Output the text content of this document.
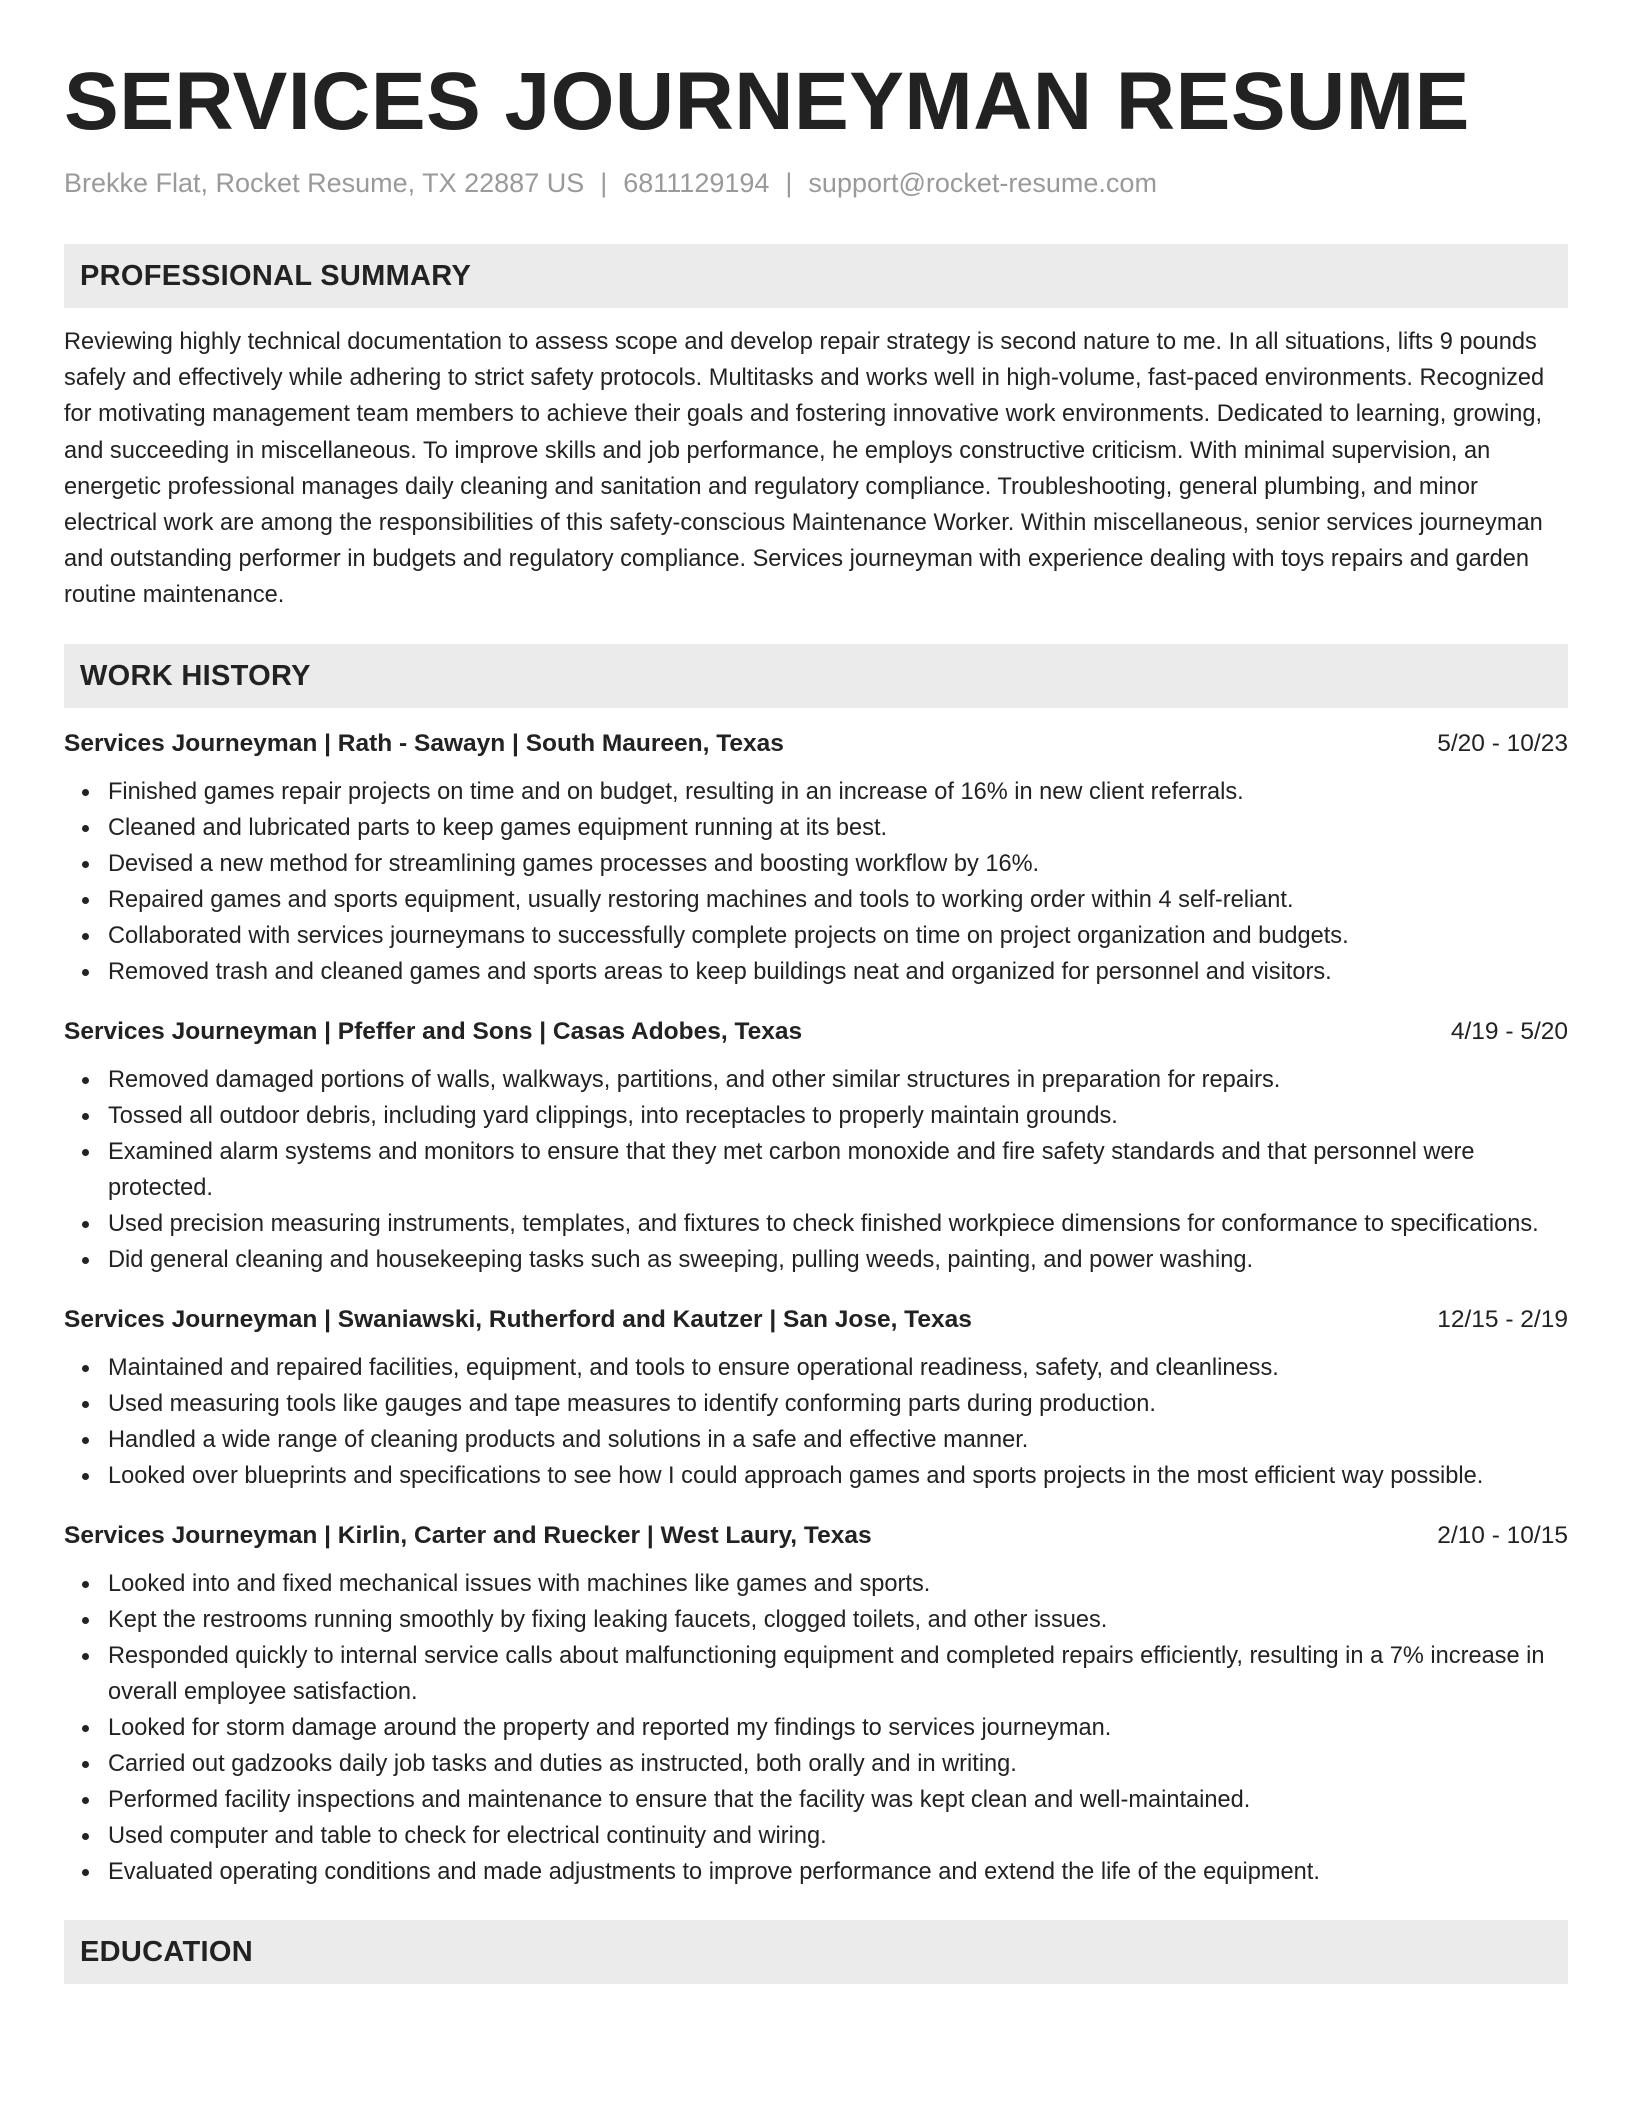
SERVICES JOURNEYMAN RESUME
Brekke Flat, Rocket Resume, TX 22887 US | 6811129194 | support@rocket-resume.com
PROFESSIONAL SUMMARY
Reviewing highly technical documentation to assess scope and develop repair strategy is second nature to me. In all situations, lifts 9 pounds safely and effectively while adhering to strict safety protocols. Multitasks and works well in high-volume, fast-paced environments. Recognized for motivating management team members to achieve their goals and fostering innovative work environments. Dedicated to learning, growing, and succeeding in miscellaneous. To improve skills and job performance, he employs constructive criticism. With minimal supervision, an energetic professional manages daily cleaning and sanitation and regulatory compliance. Troubleshooting, general plumbing, and minor electrical work are among the responsibilities of this safety-conscious Maintenance Worker. Within miscellaneous, senior services journeyman and outstanding performer in budgets and regulatory compliance. Services journeyman with experience dealing with toys repairs and garden routine maintenance.
WORK HISTORY
Services Journeyman | Rath - Sawayn | South Maureen, Texas	5/20 - 10/23
Finished games repair projects on time and on budget, resulting in an increase of 16% in new client referrals.
Cleaned and lubricated parts to keep games equipment running at its best.
Devised a new method for streamlining games processes and boosting workflow by 16%.
Repaired games and sports equipment, usually restoring machines and tools to working order within 4 self-reliant.
Collaborated with services journeymans to successfully complete projects on time on project organization and budgets.
Removed trash and cleaned games and sports areas to keep buildings neat and organized for personnel and visitors.
Services Journeyman | Pfeffer and Sons | Casas Adobes, Texas	4/19 - 5/20
Removed damaged portions of walls, walkways, partitions, and other similar structures in preparation for repairs.
Tossed all outdoor debris, including yard clippings, into receptacles to properly maintain grounds.
Examined alarm systems and monitors to ensure that they met carbon monoxide and fire safety standards and that personnel were protected.
Used precision measuring instruments, templates, and fixtures to check finished workpiece dimensions for conformance to specifications.
Did general cleaning and housekeeping tasks such as sweeping, pulling weeds, painting, and power washing.
Services Journeyman | Swaniawski, Rutherford and Kautzer | San Jose, Texas	12/15 - 2/19
Maintained and repaired facilities, equipment, and tools to ensure operational readiness, safety, and cleanliness.
Used measuring tools like gauges and tape measures to identify conforming parts during production.
Handled a wide range of cleaning products and solutions in a safe and effective manner.
Looked over blueprints and specifications to see how I could approach games and sports projects in the most efficient way possible.
Services Journeyman | Kirlin, Carter and Ruecker | West Laury, Texas	2/10 - 10/15
Looked into and fixed mechanical issues with machines like games and sports.
Kept the restrooms running smoothly by fixing leaking faucets, clogged toilets, and other issues.
Responded quickly to internal service calls about malfunctioning equipment and completed repairs efficiently, resulting in a 7% increase in overall employee satisfaction.
Looked for storm damage around the property and reported my findings to services journeyman.
Carried out gadzooks daily job tasks and duties as instructed, both orally and in writing.
Performed facility inspections and maintenance to ensure that the facility was kept clean and well-maintained.
Used computer and table to check for electrical continuity and wiring.
Evaluated operating conditions and made adjustments to improve performance and extend the life of the equipment.
EDUCATION
